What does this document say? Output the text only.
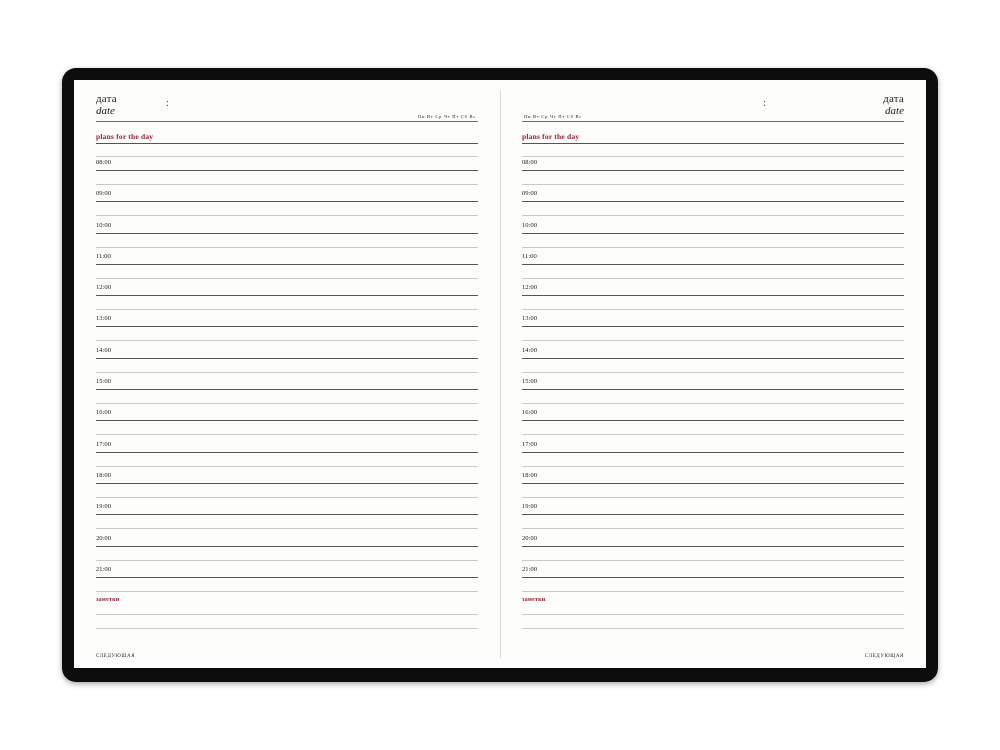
дата
date
:
Пн Вт Ср Чт Пт Сб Вс
plans for the day
08:00
09:00
10:00
11:00
12:00
13:00
14:00
15:00
16:00
17:00
18:00
19:00
20:00
21:00
заметки
СЛЕДУЮЩАЯ
дата
date
:
Пн Вт Ср Чт Пт Сб Вс
plans for the day
08:00
09:00
10:00
11:00
12:00
13:00
14:00
15:00
16:00
17:00
18:00
19:00
20:00
21:00
заметки
СЛЕДУЮЩАЯ
